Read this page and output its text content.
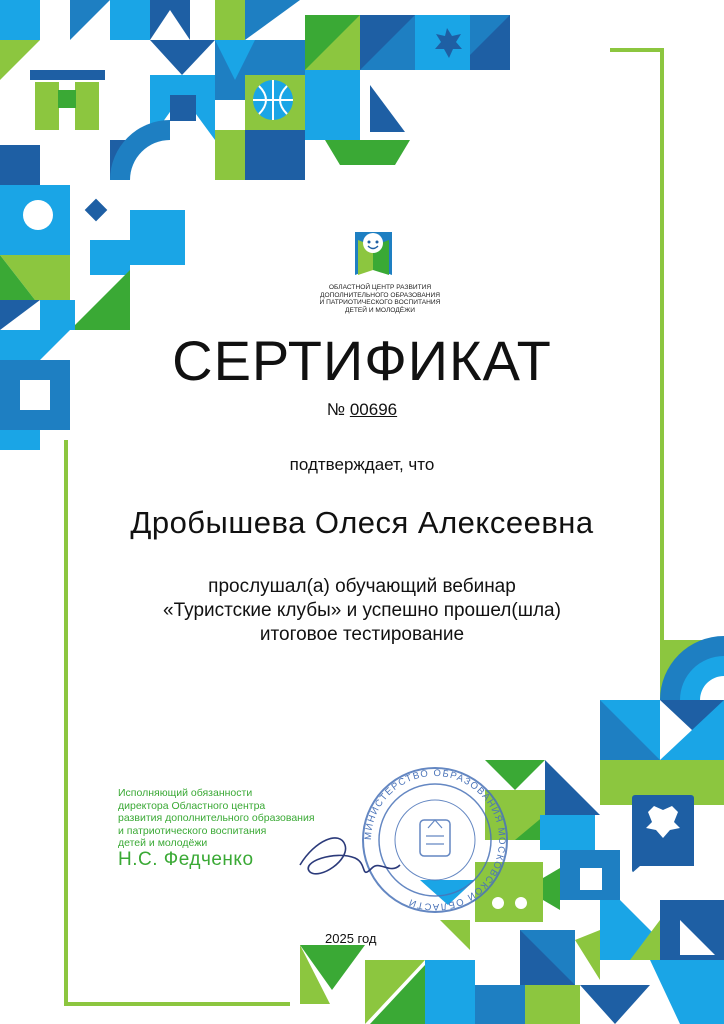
МИНИСТЕРСТВО ОБРАЗОВАНИЯ МОСКОВСКОЙ ОБЛАСТИ
ОБЛАСТНОЙ ЦЕНТР РАЗВИТИЯ
ДОПОЛНИТЕЛЬНОГО ОБРАЗОВАНИЯ
И ПАТРИОТИЧЕСКОГО ВОСПИТАНИЯ
ДЕТЕЙ И МОЛОДЁЖИ
СЕРТИФИКАТ
№ 00696
подтверждает, что
Дробышева Олеся Алексеевна
прослушал(а) обучающий вебинар
«Туристские клубы» и успешно прошел(шла)
итоговое тестирование
Исполняющий обязанности
директора Областного центра
развития дополнительного образования
и патриотического воспитания
детей и молодёжи
Н.С. Федченко
2025 год
